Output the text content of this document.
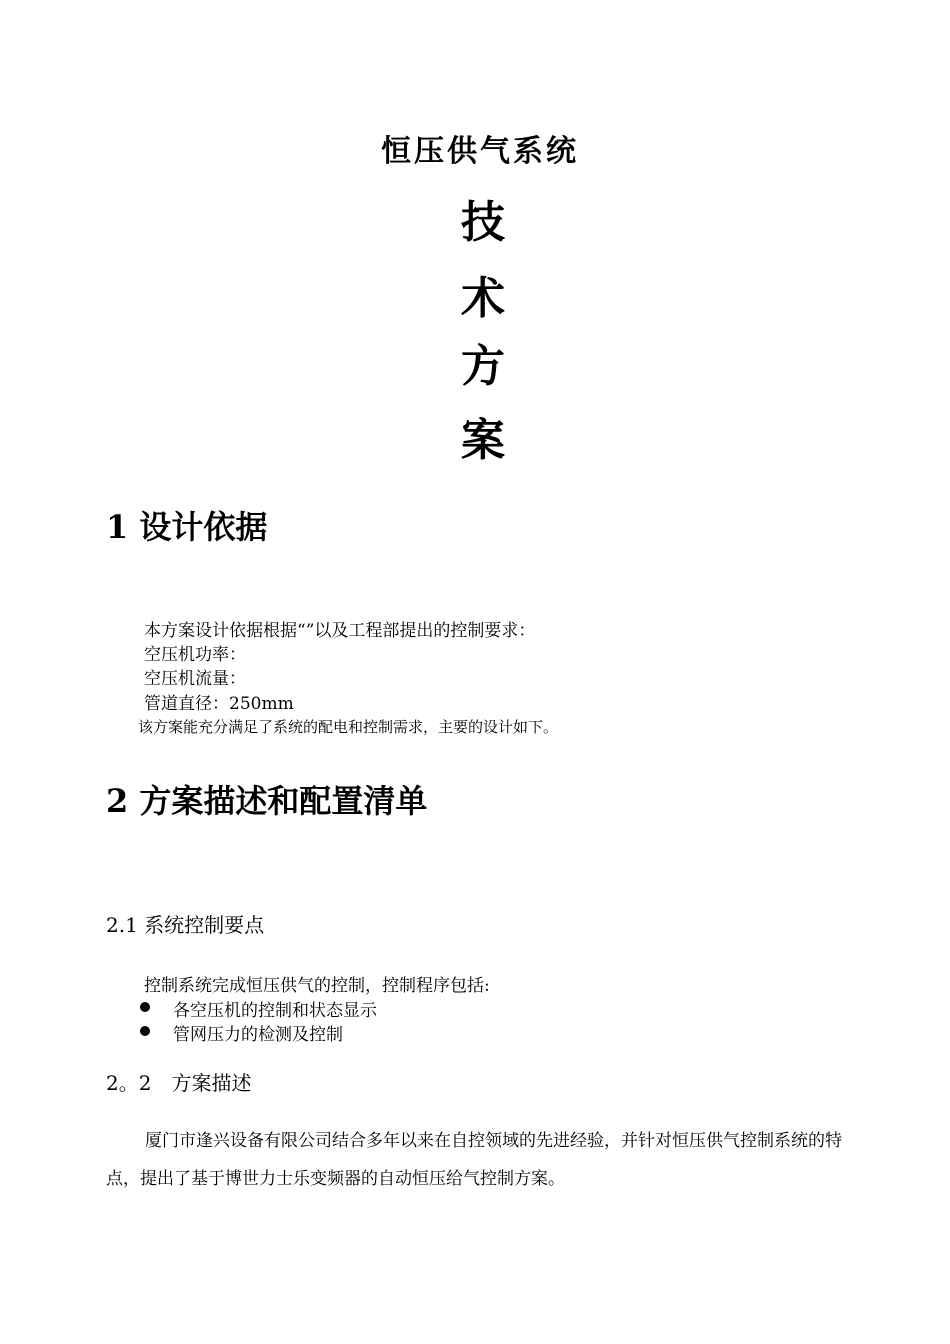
恒压供气系统
技
术
方
案
1 设计依据
本方案设计依据根据“”以及工程部提出的控制要求：
空压机功率：
空压机流量：
管道直径：250mm
该方案能充分满足了系统的配电和控制需求，主要的设计如下。
2 方案描述和配置清单
2.1 系统控制要点
控制系统完成恒压供气的控制，控制程序包括:
各空压机的控制和状态显示
管网压力的检测及控制
2。2　方案描述
厦门市逢兴设备有限公司结合多年以来在自控领域的先进经验，并针对恒压供气控制系统的特点，提出了基于博世力士乐变频器的自动恒压给气控制方案。
